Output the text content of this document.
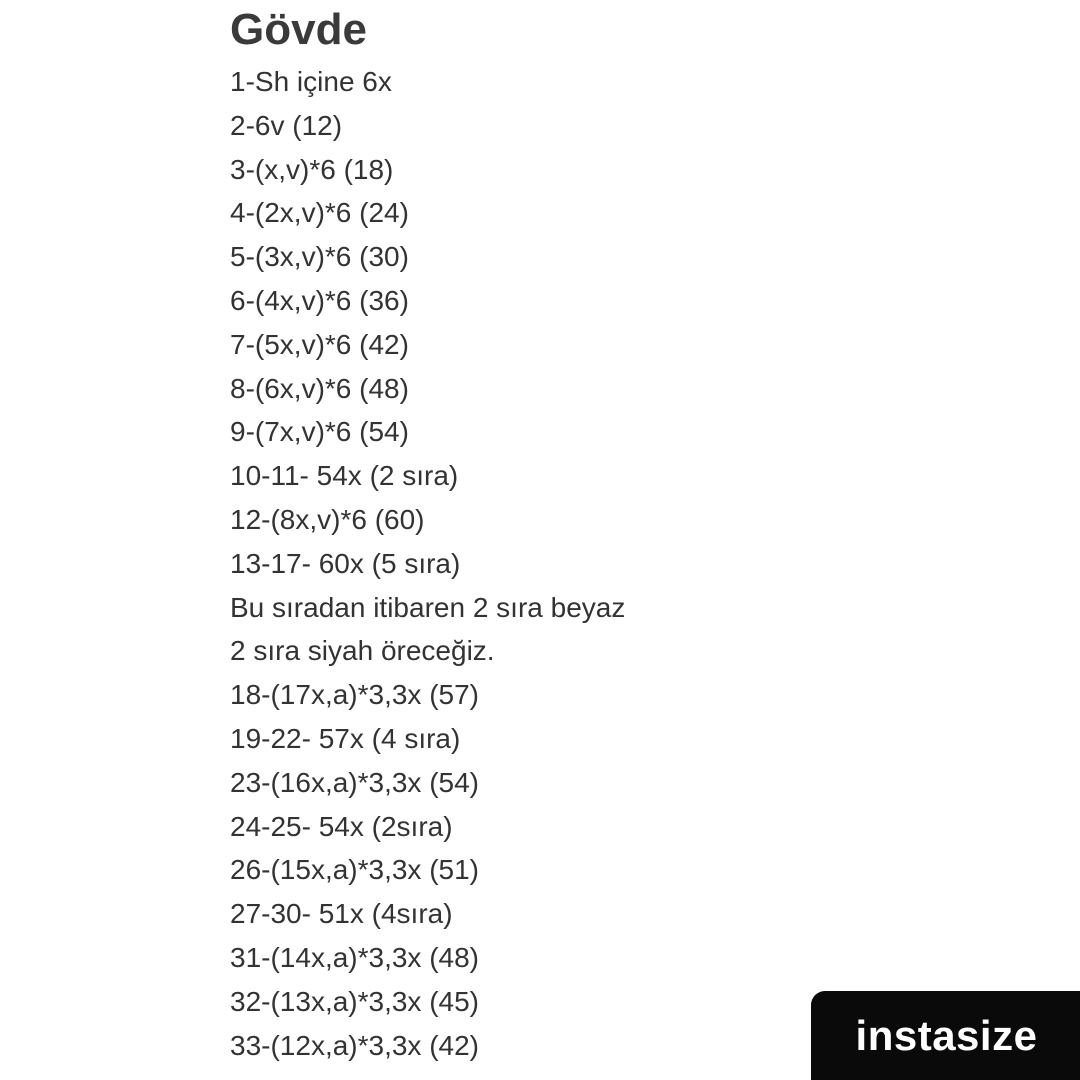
Gövde
1-Sh içine 6x
2-6v (12)
3-(x,v)*6 (18)
4-(2x,v)*6 (24)
5-(3x,v)*6 (30)
6-(4x,v)*6 (36)
7-(5x,v)*6 (42)
8-(6x,v)*6 (48)
9-(7x,v)*6 (54)
10-11- 54x (2 sıra)
12-(8x,v)*6 (60)
13-17- 60x (5 sıra)
Bu sıradan itibaren 2 sıra beyaz
2 sıra siyah öreceğiz.
18-(17x,a)*3,3x (57)
19-22- 57x (4 sıra)
23-(16x,a)*3,3x (54)
24-25- 54x (2sıra)
26-(15x,a)*3,3x (51)
27-30- 51x (4sıra)
31-(14x,a)*3,3x (48)
32-(13x,a)*3,3x (45)
33-(12x,a)*3,3x (42)	instasize
